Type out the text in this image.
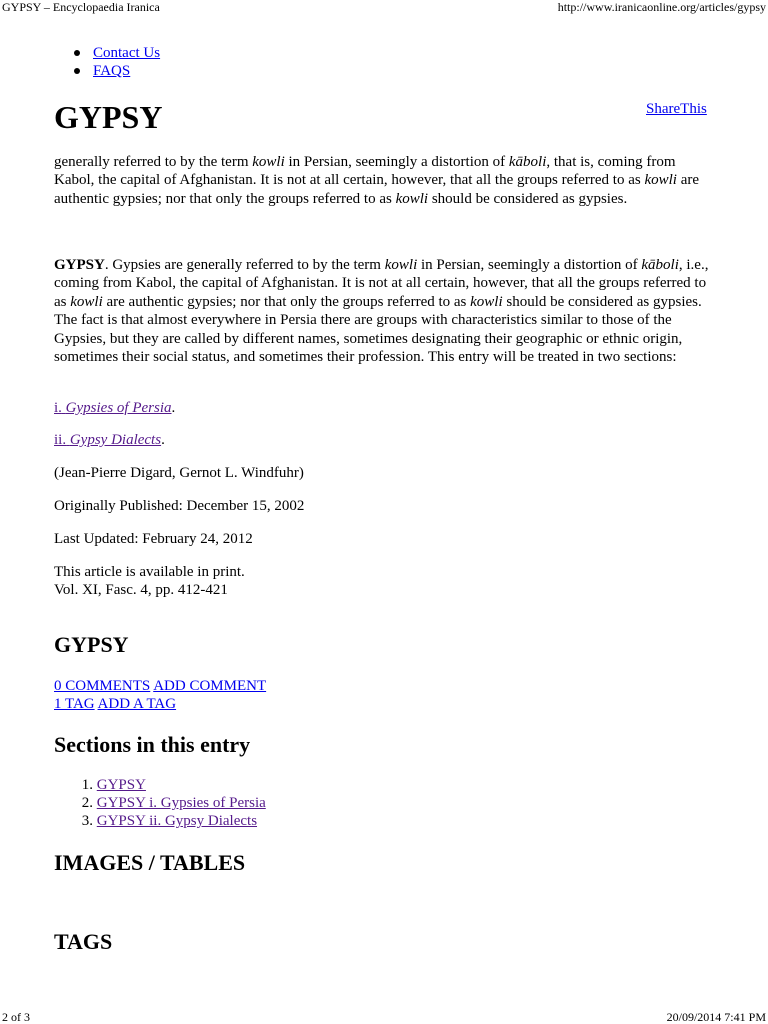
GYPSY – Encyclopaedia Iranica	http://www.iranicaonline.org/articles/gypsy
Contact Us
FAQS
GYPSY	ShareThis
generally referred to by the term kowli in Persian, seemingly a distortion of kāboli, that is, coming from Kabol, the capital of Afghanistan. It is not at all certain, however, that all the groups referred to as kowli are authentic gypsies; nor that only the groups referred to as kowli should be considered as gypsies.
GYPSY. Gypsies are generally referred to by the term kowli in Persian, seemingly a distortion of kāboli, i.e., coming from Kabol, the capital of Afghanistan. It is not at all certain, however, that all the groups referred to as kowli are authentic gypsies; nor that only the groups referred to as kowli should be considered as gypsies. The fact is that almost everywhere in Persia there are groups with characteristics similar to those of the Gypsies, but they are called by different names, sometimes designating their geographic or ethnic origin, sometimes their social status, and sometimes their profession. This entry will be treated in two sections:
i. Gypsies of Persia.
ii. Gypsy Dialects.
(Jean-Pierre Digard, Gernot L. Windfuhr)
Originally Published: December 15, 2002
Last Updated: February 24, 2012
This article is available in print.
Vol. XI, Fasc. 4, pp. 412-421
GYPSY
0 COMMENTS ADD COMMENT
1 TAG ADD A TAG
Sections in this entry
1. GYPSY
2. GYPSY i. Gypsies of Persia
3. GYPSY ii. Gypsy Dialects
IMAGES / TABLES
TAGS
2 of 3	20/09/2014 7:41 PM
